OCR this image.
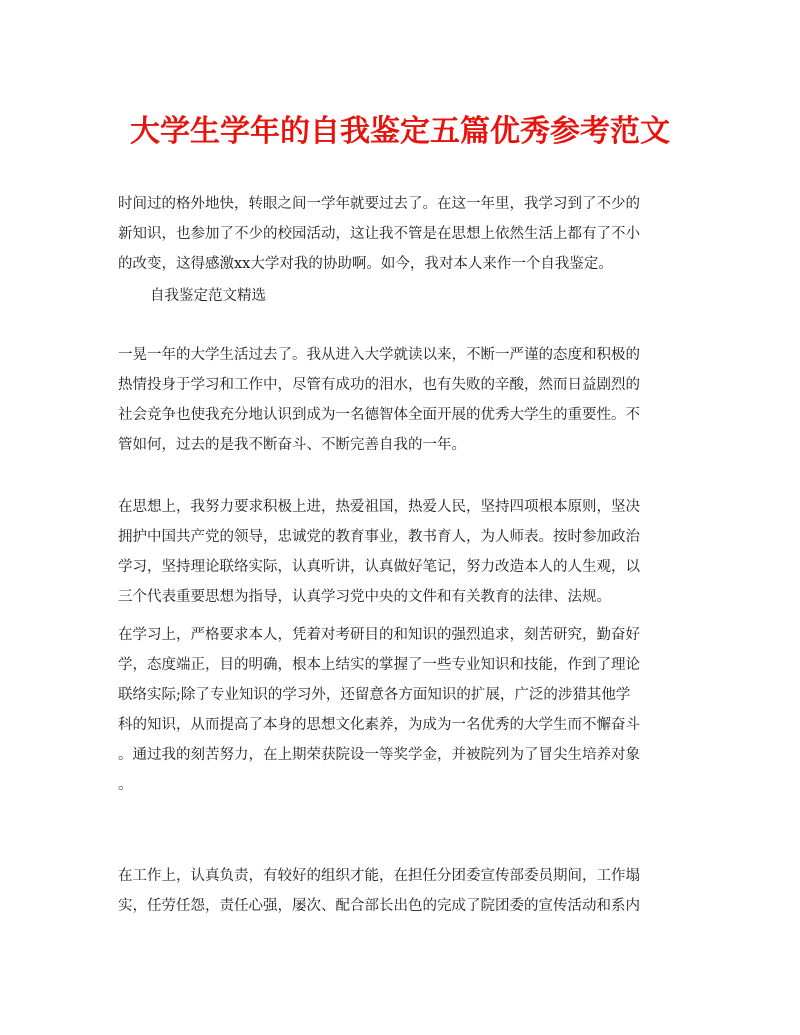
大学生学年的自我鉴定五篇优秀参考范文
时间过的格外地快，转眼之间一学年就要过去了。在这一年里，我学习到了不少的
新知识，也参加了不少的校园活动，这让我不管是在思想上依然生活上都有了不小
的改变，这得感激xx大学对我的协助啊。如今，我对本人来作一个自我鉴定。
自我鉴定范文精选
一晃一年的大学生活过去了。我从进入大学就读以来，不断一严谨的态度和积极的
热情投身于学习和工作中，尽管有成功的泪水，也有失败的辛酸，然而日益剧烈的
社会竞争也使我充分地认识到成为一名德智体全面开展的优秀大学生的重要性。不
管如何，过去的是我不断奋斗、不断完善自我的一年。
在思想上，我努力要求积极上进，热爱祖国，热爱人民，坚持四项根本原则，坚决
拥护中国共产党的领导，忠诚党的教育事业，教书育人，为人师表。按时参加政治
学习，坚持理论联络实际，认真听讲，认真做好笔记，努力改造本人的人生观，以
三个代表重要思想为指导，认真学习党中央的文件和有关教育的法律、法规。
在学习上，严格要求本人，凭着对考研目的和知识的强烈追求，刻苦研究，勤奋好
学，态度端正，目的明确，根本上结实的掌握了一些专业知识和技能，作到了理论
联络实际;除了专业知识的学习外，还留意各方面知识的扩展，广泛的涉猎其他学
科的知识，从而提高了本身的思想文化素养，为成为一名优秀的大学生而不懈奋斗
。通过我的刻苦努力，在上期荣获院设一等奖学金，并被院列为了冒尖生培养对象
。
在工作上，认真负责，有较好的组织才能，在担任分团委宣传部委员期间，工作塌
实，任劳任怨，责任心强，屡次、配合部长出色的完成了院团委的宣传活动和系内
